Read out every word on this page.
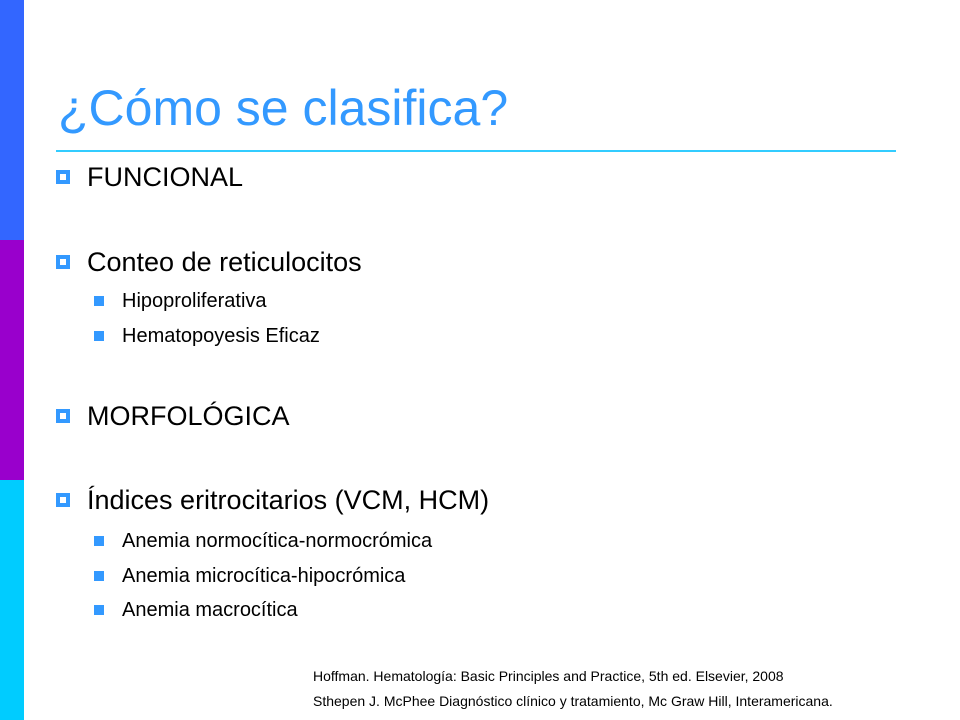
¿Cómo se clasifica?
FUNCIONAL
Conteo de reticulocitos
Hipoproliferativa
Hematopoyesis Eficaz
MORFOLÓGICA
Índices eritrocitarios (VCM, HCM)
Anemia normocítica-normocrómica
Anemia microcítica-hipocrómica
Anemia macrocítica
Hoffman. Hematología: Basic Principles and Practice, 5th ed. Elsevier, 2008
Sthepen J. McPhee Diagnóstico clínico y tratamiento, Mc Graw Hill, Interamericana.
